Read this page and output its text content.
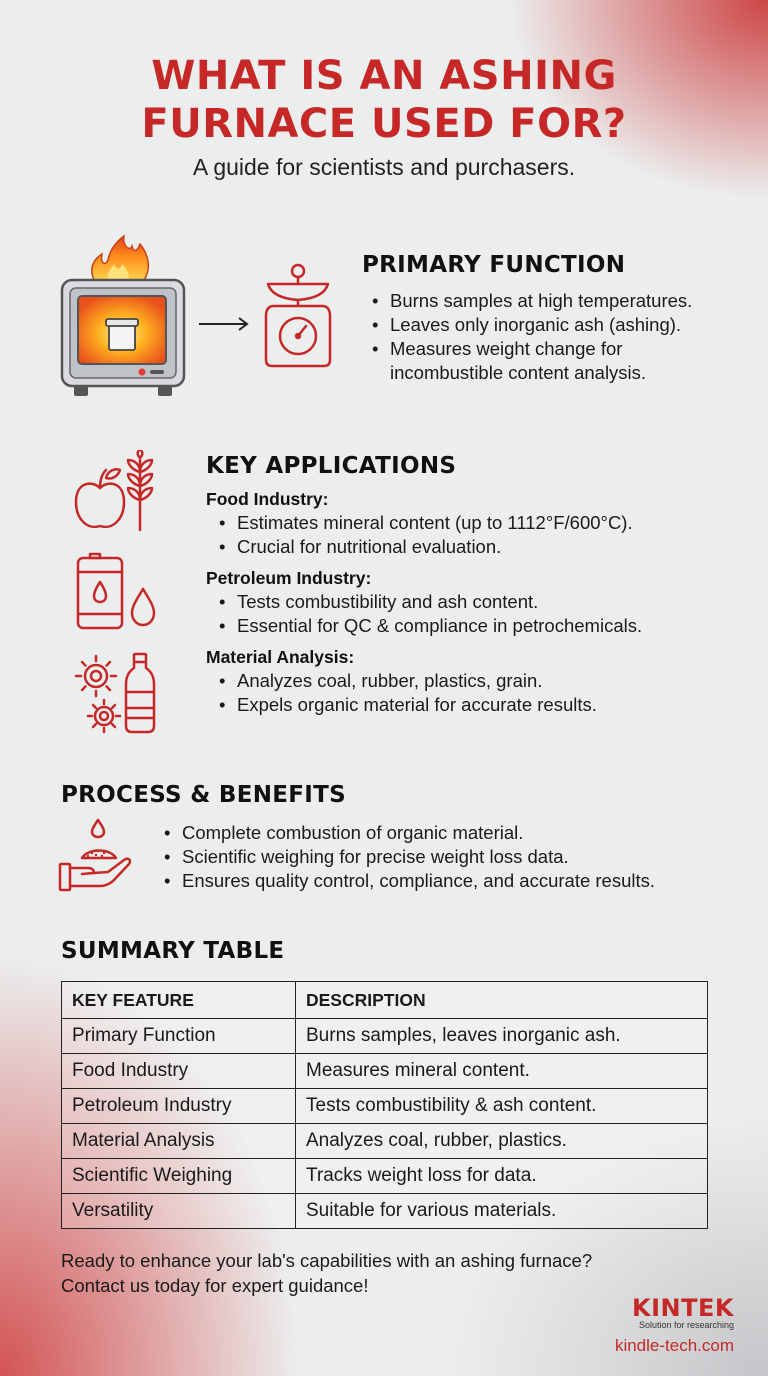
WHAT IS AN ASHING
FURNACE USED FOR?
A guide for scientists and purchasers.
PRIMARY FUNCTION
• Burns samples at high temperatures.
• Leaves only inorganic ash (ashing).
• Measures weight change for
incombustible content analysis.
KEY APPLICATIONS
Food Industry:
• Estimates mineral content (up to 1112°F/600°C).
• Crucial for nutritional evaluation.
Petroleum Industry:
• Tests combustibility and ash content.
• Essential for QC & compliance in petrochemicals.
Material Analysis:
• Analyzes coal, rubber, plastics, grain.
• Expels organic material for accurate results.
PROCESS & BENEFITS
• Complete combustion of organic material.
• Scientific weighing for precise weight loss data.
• Ensures quality control, compliance, and accurate results.
SUMMARY TABLE
KEY FEATURE	DESCRIPTION
Primary Function	Burns samples, leaves inorganic ash.
Food Industry	Measures mineral content.
Petroleum Industry	Tests combustibility & ash content.
Material Analysis	Analyzes coal, rubber, plastics.
Scientific Weighing	Tracks weight loss for data.
Versatility	Suitable for various materials.
Ready to enhance your lab's capabilities with an ashing furnace?
Contact us today for expert guidance!
KINTEK
Solution for researching
kindle-tech.com
